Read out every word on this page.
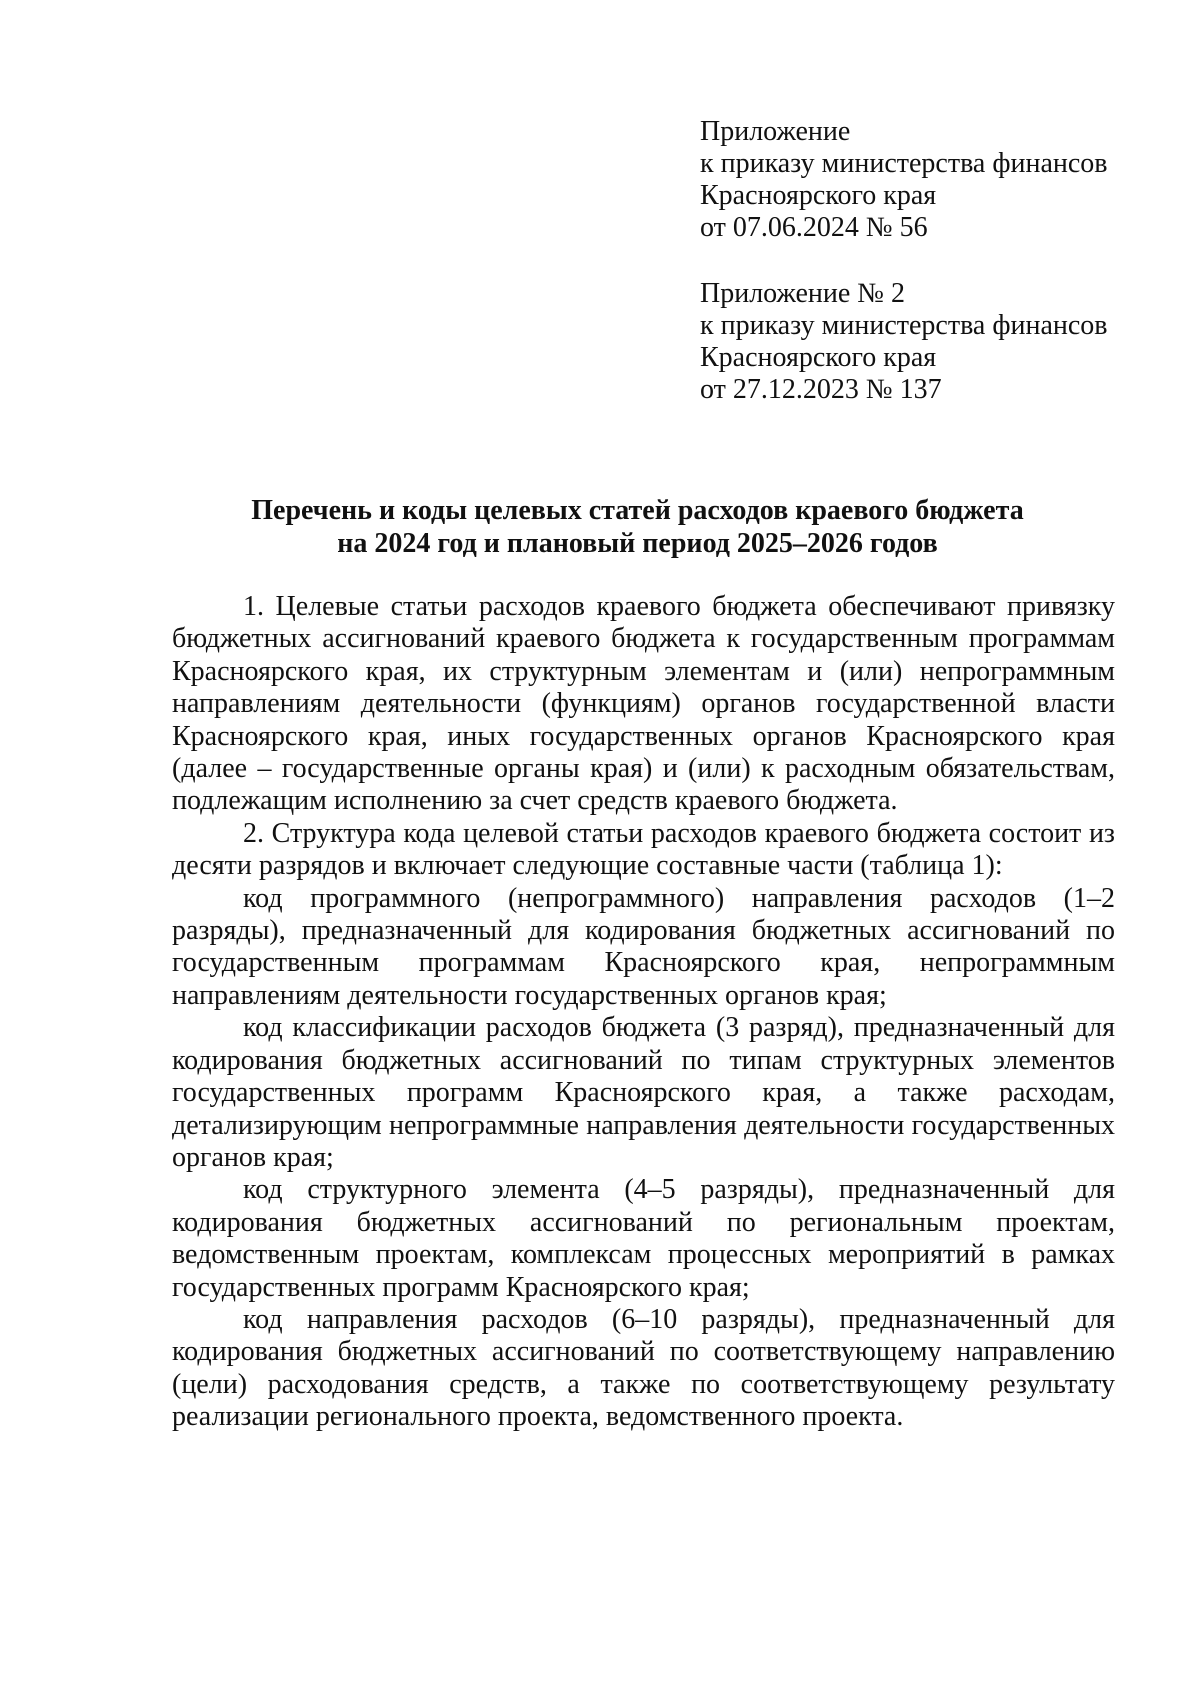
Приложение
к приказу министерства финансов
Красноярского края
от 07.06.2024 № 56
Приложение № 2
к приказу министерства финансов
Красноярского края
от 27.12.2023 № 137
Перечень и коды целевых статей расходов краевого бюджета
на 2024 год и плановый период 2025–2026 годов

1. Целевые статьи расходов краевого бюджета обеспечивают привязку бюджетных ассигнований краевого бюджета к государственным программам Красноярского края, их структурным элементам и (или) непрограммным направлениям деятельности (функциям) органов государственной власти Красноярского края, иных государственных органов Красноярского края (далее – государственные органы края) и (или) к расходным обязательствам, подлежащим исполнению за счет средств краевого бюджета.

2. Структура кода целевой статьи расходов краевого бюджета состоит из десяти разрядов и включает следующие составные части (таблица 1):

код программного (непрограммного) направления расходов (1–2 разряды), предназначенный для кодирования бюджетных ассигнований по государственным программам Красноярского края, непрограммным направлениям деятельности государственных органов края;

код классификации расходов бюджета (3 разряд), предназначенный для кодирования бюджетных ассигнований по типам структурных элементов государственных программ Красноярского края, а также расходам, детализирующим непрограммные направления деятельности государственных органов края;

код структурного элемента (4–5 разряды), предназначенный для кодирования бюджетных ассигнований по региональным проектам, ведомственным проектам, комплексам процессных мероприятий в рамках государственных программ Красноярского края;

код направления расходов (6–10 разряды), предназначенный для кодирования бюджетных ассигнований по соответствующему направлению (цели) расходования средств, а также по соответствующему результату реализации регионального проекта, ведомственного проекта.
